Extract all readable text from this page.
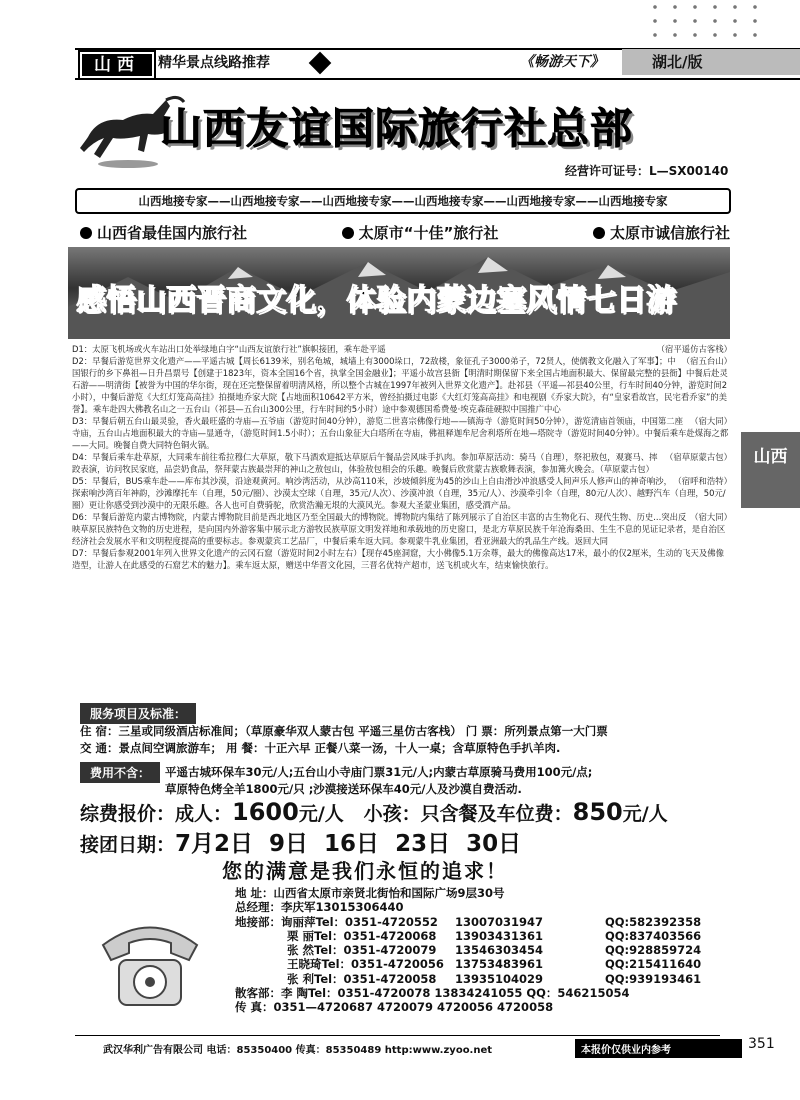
山西	精华景点线路推荐	《畅游天下》	湖北/版
山西友谊国际旅行社总部
经营许可证号：L—SX00140
山西地接专家——山西地接专家——山西地接专家——山西地接专家——山西地接专家——山西地接专家
山西省最佳国内旅行社	太原市“十佳”旅行社	太原市诚信旅行社
感悟山西晋商文化，体验内蒙边塞风情七日游

（宿平遥仿古客栈）
D1：太原飞机场或火车站出口处举绿地白字“山西友谊旅行社”旗帜接团，乘车赴平遥

（宿五台山）
D2：早餐后游览世界文化遗产——平遥古城【周长6139米，别名龟城，城墙上有3000垛口，72敌楼，象征孔子3000弟子，72贤人，使儒教文化融入了军事】；中国银行的乡下鼻祖—日升昌票号【创建于1823年，资本全国16个省，执掌全国金融业】；平遥小故宫县衙【明清时期保留下来全国占地面积最大、保留最完整的县衙】中餐后赴灵石游——明清街【被誉为中国的华尔街，现在还完整保留着明清风格，所以整个古城在1997年被列入世界文化遗产】。赴祁县（平遥—祁县40公里，行车时间40分钟，游览时间2小时），中餐后游览《大红灯笼高高挂》拍摄地乔家大院【占地面积10642平方米，曾经拍摄过电影《大红灯笼高高挂》和电视剧《乔家大院》，有“皇家看故宫，民宅看乔家”的美誉】。乘车赴四大佛教名山之一五台山（祁县—五台山300公里，行车时间约5小时）途中参观德国希费曼·埃克森硅硬拟中国推广中心

（宿大同）
D3：早餐后朝五台山最灵验，香火最旺盛的寺庙—五爷庙（游览时间40分钟），游览二世喜宗佛像行地——镇海寺（游览时间50分钟），游览清庙首领庙，中国第二座寺庙，五台山占地面积最大的寺庙—显通寺，（游览时间1.5小时）；五台山象征大白塔所在寺庙，佛祖释迦牟尼舍利塔所在地—塔院寺（游览时间40分钟）。中餐后乘车赴煤海之都——大同。晚餐自费大同特色铜火锅。

（宿草原蒙古包）
D4：早餐后乘车赴草原，大同乘车前往希拉穆仁大草原，敬下马酒欢迎抵达草原后午餐品尝风味手扒肉。参加草原活动：骑马（自理），祭祀敖包，观赛马、摔跤表演，访问牧民家庭，品尝奶食品，祭拜蒙古族最崇拜的神山之敖包山，体验敖包相会的乐趣。晚餐后欣赏蒙古族歌舞表演，参加篝火晚会。（草原蒙古包）

（宿呼和浩特）
D5：早餐后，BUS乘车赴——库布其沙漠，沿途观黄河。响沙湾活动，从沙高110米，沙坡倾斜度为45的沙山上自由滑沙冲浪感受人间声乐人修声山的神奇响沙，探索响沙湾百年神韵，沙滩摩托车（自理，50元/圈）、沙漠太空球（自理，35元/人次）、沙漠冲浪（自理，35元/人）、沙漠牵引伞（自理，80元/人次）、越野汽车（自理，50元/圈）更让你感受到沙漠中的无限乐趣。各人也可自费骑驼，欣赏浩瀚无垠的大漠风光。参观大圣蒙业集团，感受酒产品。

（宿大同）
D6：早餐后游览内蒙古博物院，内蒙古博物院目前是西北地区乃至全国最大的博物院。博物院内集结了陈列展示了自治区丰富的古生物化石、现代生物、历史...突出反映草原民族特色文物的历史进程，是向国内外游客集中展示北方游牧民族草原文明发祥地和承载地的历史窗口，是北方草原民族千年沧海桑田、生生不息的见证记录者，是自治区经济社会发展水平和文明程度提高的重要标志。参观蒙宾工艺品厂，中餐后乘车返大同。参观蒙牛乳业集团，看亚洲最大的乳品生产线。返回大同

D7：早餐后参观2001年列入世界文化遗产的云冈石窟（游览时间2小时左右）【现存45座洞窟，大小佛像5.1万余尊，最大的佛像高达17米，最小的仅2厘米，生动的飞天及佛像造型，让游人在此感受的石窟艺术的魅力】。乘车返太原，赠送中华晋文化园，三晋名优特产超市，送飞机或火车，结束愉快旅行。

山西
服务项目及标准：
住 宿：三星或同级酒店标准间；（草原豪华双人蒙古包 平遥三星仿古客栈） 门 票：所列景点第一大门票
交 通：景点间空调旅游车； 用 餐：十正六早 正餐八菜一汤，十人一桌；含草原特色手扒羊肉.
费用不含：	平遥古城环保车30元/人;五台山小寺庙门票31元/人;内蒙古草原骑马费用100元/点;
草原特色烤全羊1800元/只 ;沙漠接送环保车40元/人及沙漠自费活动.
综费报价：成人：1600元/人   小孩：只含餐及车位费：850元/人
接团日期：7月2日  9日  16日  23日  30日
您的满意是我们永恒的追求！
地 址：山西省太原市亲贤北街怡和国际广场9层30号
总经理：李庆军13015306440
地接部：询丽萍Tel：0351-4720552 13007031947	QQ:582392358
栗 丽Tel：0351-4720068 13903431361	QQ:837403566
张 然Tel：0351-4720079 13546303454	QQ:928859724
王晓琦Tel：0351-4720056 13753483961	QQ:215411640
张 利Tel：0351-4720058 13935104029	QQ:939193461
散客部：李 陶Tel：0351-4720078 13834241055 QQ：546215054
传 真：0351—4720687 4720079 4720056 4720058
武汉华利广告有限公司 电话：85350400 传真：85350489 http:www.zyoo.net	本报价仅供业内参考	351
